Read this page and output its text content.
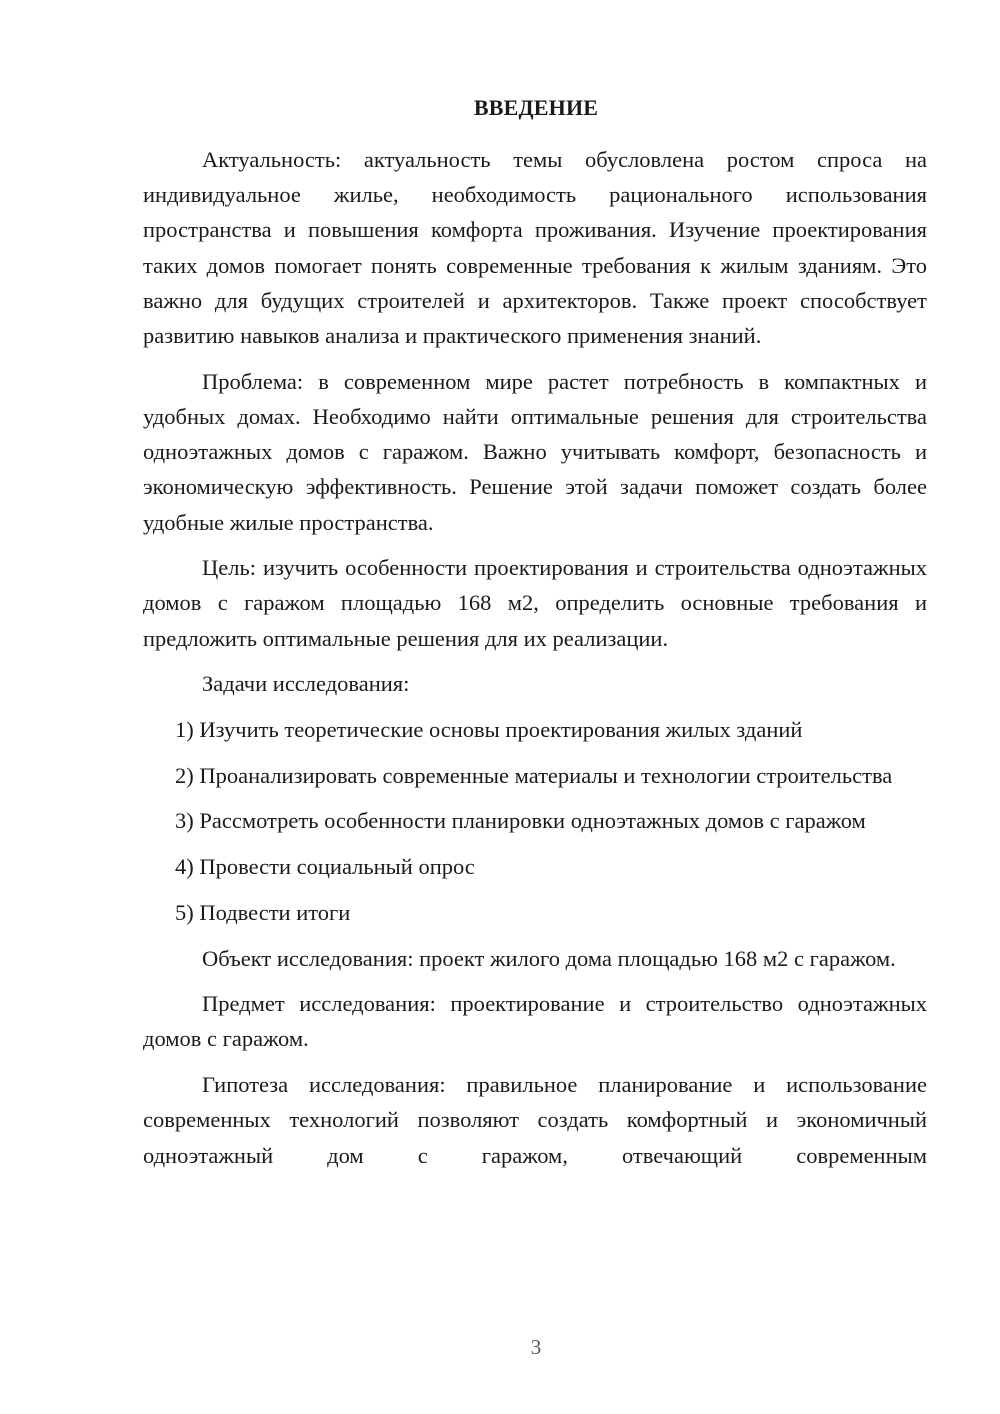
ВВЕДЕНИЕ

Актуальность: актуальность темы обусловлена ростом спроса на индивидуальное жилье, необходимость рационального использования пространства и повышения комфорта проживания. Изучение проектирования таких домов помогает понять современные требования к жилым зданиям. Это важно для будущих строителей и архитекторов. Также проект способствует развитию навыков анализа и практического применения знаний.

Проблема: в современном мире растет потребность в компактных и удобных домах. Необходимо найти оптимальные решения для строительства одноэтажных домов с гаражом. Важно учитывать комфорт, безопасность и экономическую эффективность. Решение этой задачи поможет создать более удобные жилые пространства.

Цель: изучить особенности проектирования и строительства одноэтажных домов с гаражом площадью 168 м2, определить основные требования и предложить оптимальные решения для их реализации.

Задачи исследования:

1) Изучить теоретические основы проектирования жилых зданий

2) Проанализировать современные материалы и технологии строительства

3) Рассмотреть особенности планировки одноэтажных домов с гаражом

4) Провести социальный опрос

5) Подвести итоги

Объект исследования: проект жилого дома площадью 168 м2 с гаражом.

Предмет исследования: проектирование и строительство одноэтажных домов с гаражом.

Гипотеза исследования: правильное планирование и использование современных технологий позволяют создать комфортный и экономичный одноэтажный дом с гаражом, отвечающий современным

3
